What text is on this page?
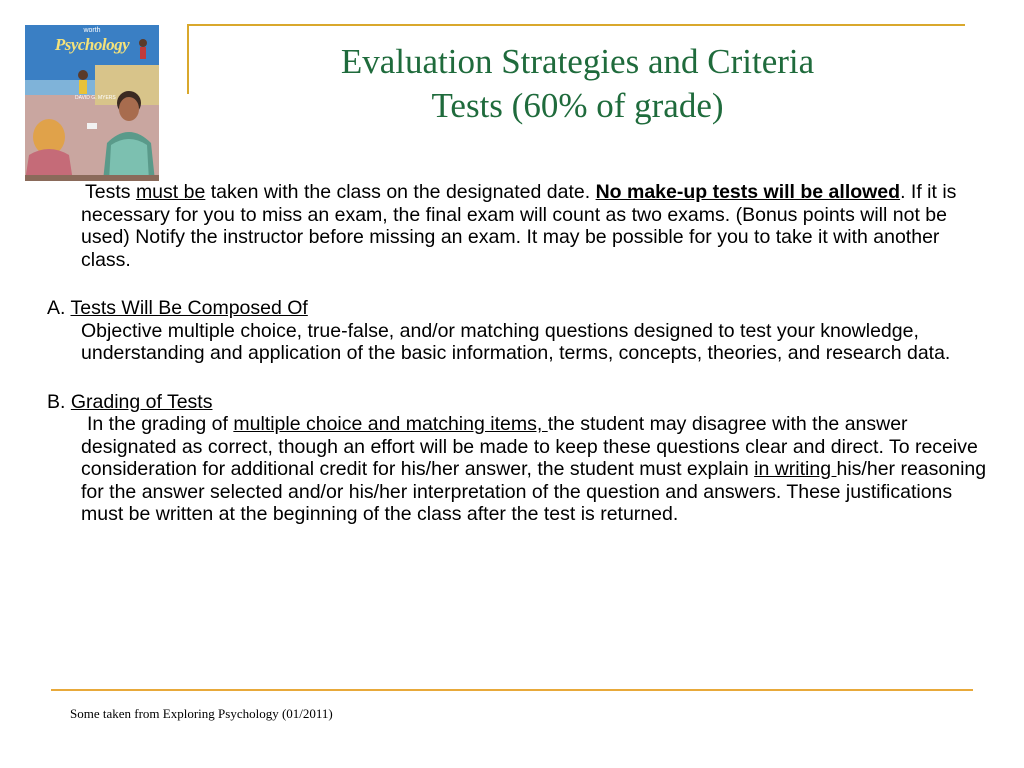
worth
Psychology
DAVID G. MYERS
Evaluation Strategies and Criteria
Tests (60% of grade)

Tests must be taken with the class on the designated date. No make-up tests will be allowed. If it is necessary for you to miss an exam, the final exam will count as two exams. (Bonus points will not be used) Notify the instructor before missing an exam. It may be possible for you to take it with another class.

A. Tests Will Be Composed Of

Objective multiple choice, true-false, and/or matching questions designed to test your knowledge, understanding and application of the basic information, terms, concepts, theories, and research data.

B. Grading of Tests

In the grading of multiple choice and matching items, the student may disagree with the answer designated as correct, though an effort will be made to keep these questions clear and direct. To receive consideration for additional credit for his/her answer, the student must explain in writing his/her reasoning for the answer selected and/or his/her interpretation of the question and answers. These justifications must be written at the beginning of the class after the test is returned.

Some taken from Exploring Psychology (01/2011)
